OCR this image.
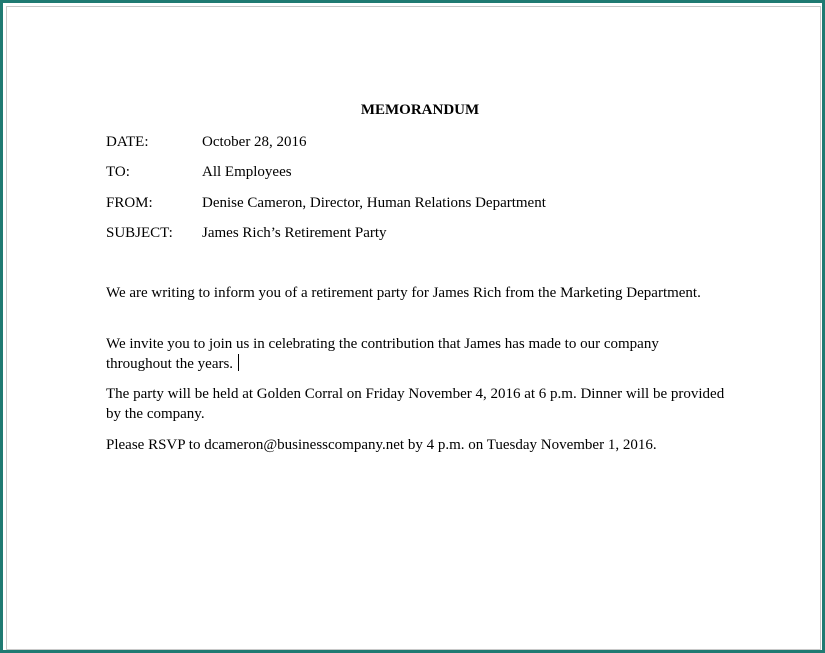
MEMORANDUM
DATE:	October 28, 2016
TO:	All Employees
FROM:	Denise Cameron, Director, Human Relations Department
SUBJECT: James Rich’s Retirement Party
We are writing to inform you of a retirement party for James Rich from the Marketing Department.
We invite you to join us in celebrating the contribution that James has made to our company throughout the years.
The party will be held at Golden Corral on Friday November 4, 2016 at 6 p.m. Dinner will be provided by the company.
Please RSVP to dcameron@businesscompany.net by 4 p.m. on Tuesday November 1, 2016.
